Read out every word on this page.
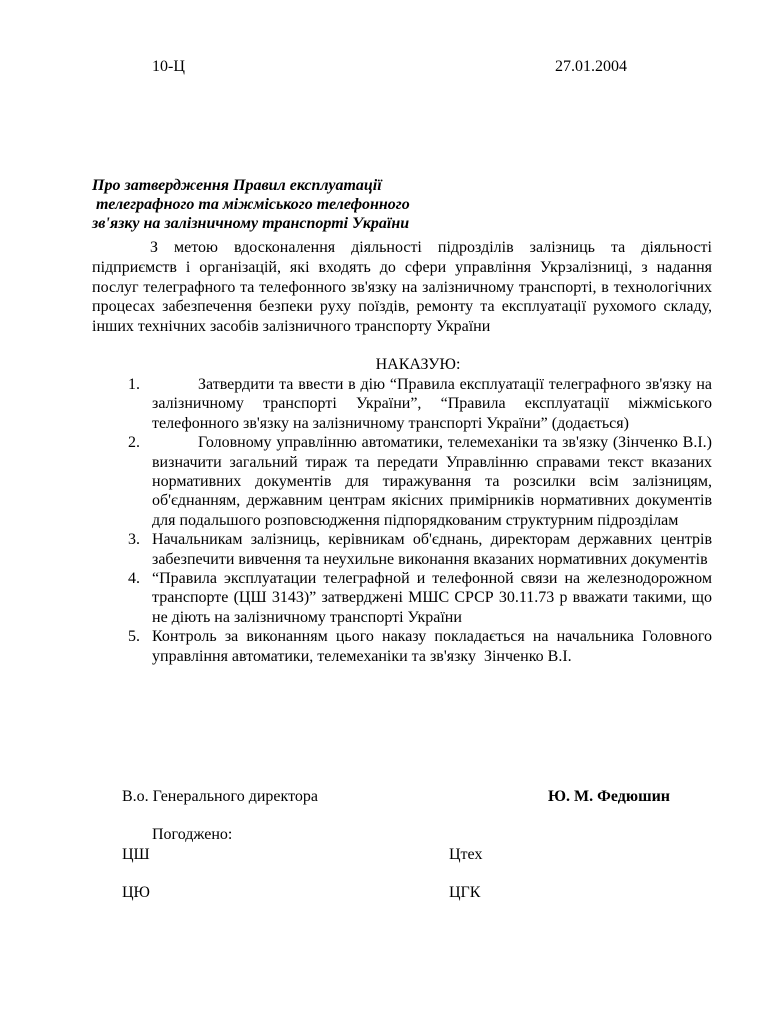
10-Ц	27.01.2004
Про затвердження Правил експлуатації
телеграфного та міжміського телефонного
зв'язку на залізничному транспорті України

З метою вдосконалення діяльності підрозділів залізниць та діяльності підприємств і організацій, які входять до сфери управління Укрзалізниці, з надання послуг телеграфного та телефонного зв'язку на залізничному транспорті, в технологічних процесах забезпечення безпеки руху поїздів, ремонту та експлуатації рухомого складу, інших технічних засобів залізничного транспорту України

НАКАЗУЮ:
1.	Затвердити та ввести в дію “Правила експлуатації телеграфного зв'язку на залізничному транспорті України”, “Правила експлуатації міжміського телефонного зв'язку на залізничному транспорті України” (додається)
2.	Головному управлінню автоматики, телемеханіки та зв'язку (Зінченко В.І.) визначити загальний тираж та передати Управлінню справами текст вказаних нормативних документів для тиражування та розсилки всім залізницям, об'єднанням, державним центрам якісних примірників нормативних документів для подальшого розповсюдження підпорядкованим структурним підрозділам
3. Начальникам залізниць, керівникам об'єднань, директорам державних центрів забезпечити вивчення та неухильне виконання вказаних нормативних документів
4. “Правила эксплуатации телеграфной и телефонной связи на железнодорожном транспорте (ЦШ 3143)” затверджені МШС СРСР 30.11.73 р вважати такими, що не діють на залізничному транспорті України
5. Контроль за виконанням цього наказу покладається на начальника Головного управління автоматики, телемеханіки та зв'язку  Зінченко В.І.
В.о. Генерального директора	Ю. М. Федюшин
Погоджено:
ЦШ	Цтех
ЦЮ	ЦГК
